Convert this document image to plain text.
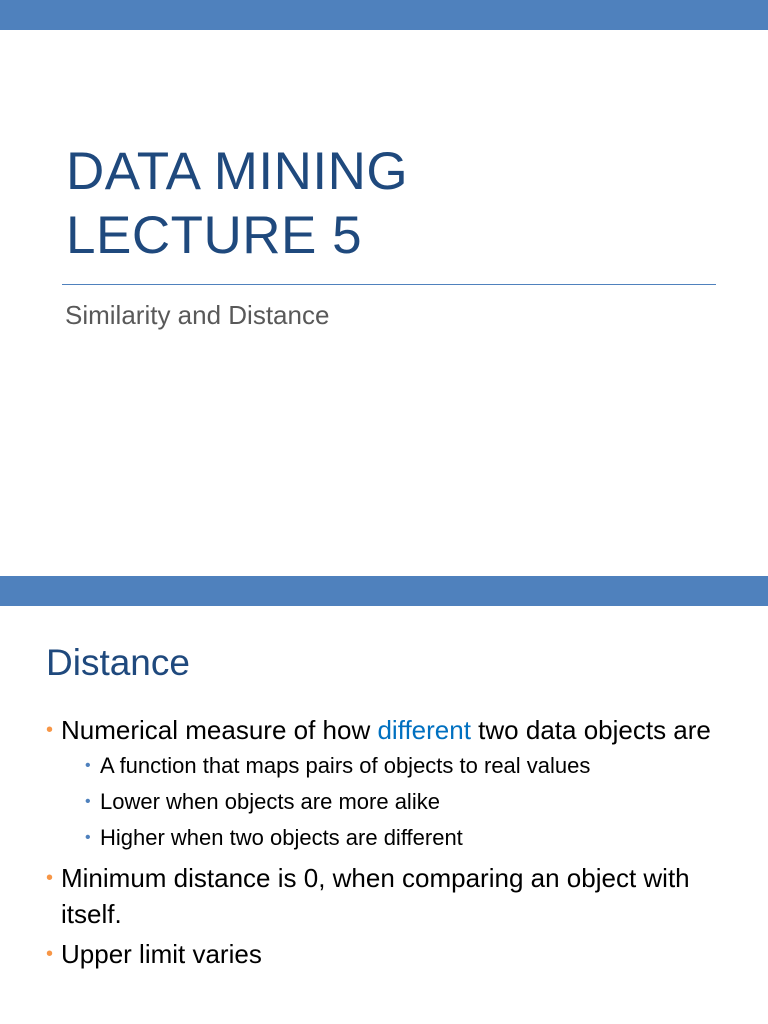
DATA MINING
LECTURE 5

Similarity and Distance

Distance
• Numerical measure of how different two data objects are
• A function that maps pairs of objects to real values
• Lower when objects are more alike
• Higher when two objects are different
• Minimum distance is 0, when comparing an object with itself.
• Upper limit varies
